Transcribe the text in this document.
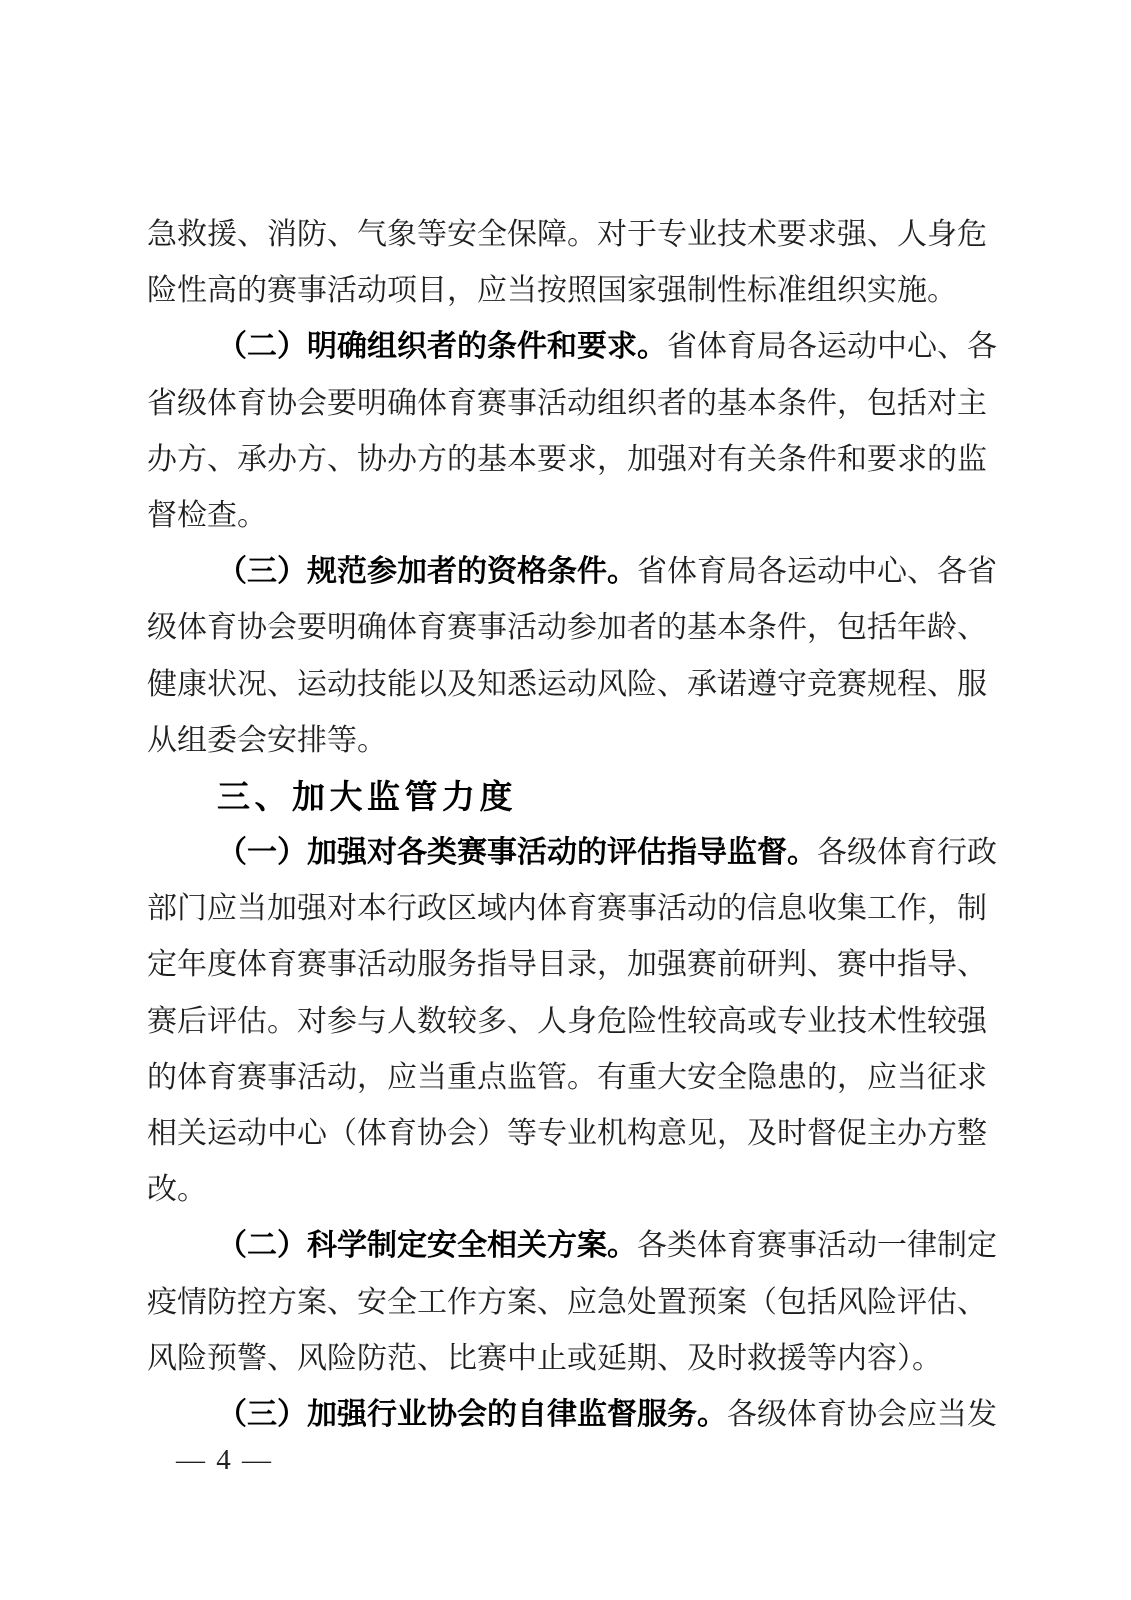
急救援、消防、气象等安全保障。对于专业技术要求强、人身危
险性高的赛事活动项目，应当按照国家强制性标准组织实施。
（二）明确组织者的条件和要求。省体育局各运动中心、各
省级体育协会要明确体育赛事活动组织者的基本条件，包括对主
办方、承办方、协办方的基本要求，加强对有关条件和要求的监
督检查。
（三）规范参加者的资格条件。省体育局各运动中心、各省
级体育协会要明确体育赛事活动参加者的基本条件，包括年龄、
健康状况、运动技能以及知悉运动风险、承诺遵守竞赛规程、服
从组委会安排等。
三、加大监管力度
（一）加强对各类赛事活动的评估指导监督。各级体育行政
部门应当加强对本行政区域内体育赛事活动的信息收集工作，制
定年度体育赛事活动服务指导目录，加强赛前研判、赛中指导、
赛后评估。对参与人数较多、人身危险性较高或专业技术性较强
的体育赛事活动，应当重点监管。有重大安全隐患的，应当征求
相关运动中心（体育协会）等专业机构意见，及时督促主办方整
改。
（二）科学制定安全相关方案。各类体育赛事活动一律制定
疫情防控方案、安全工作方案、应急处置预案（包括风险评估、
风险预警、风险防范、比赛中止或延期、及时救援等内容）。
（三）加强行业协会的自律监督服务。各级体育协会应当发
— 4 —
